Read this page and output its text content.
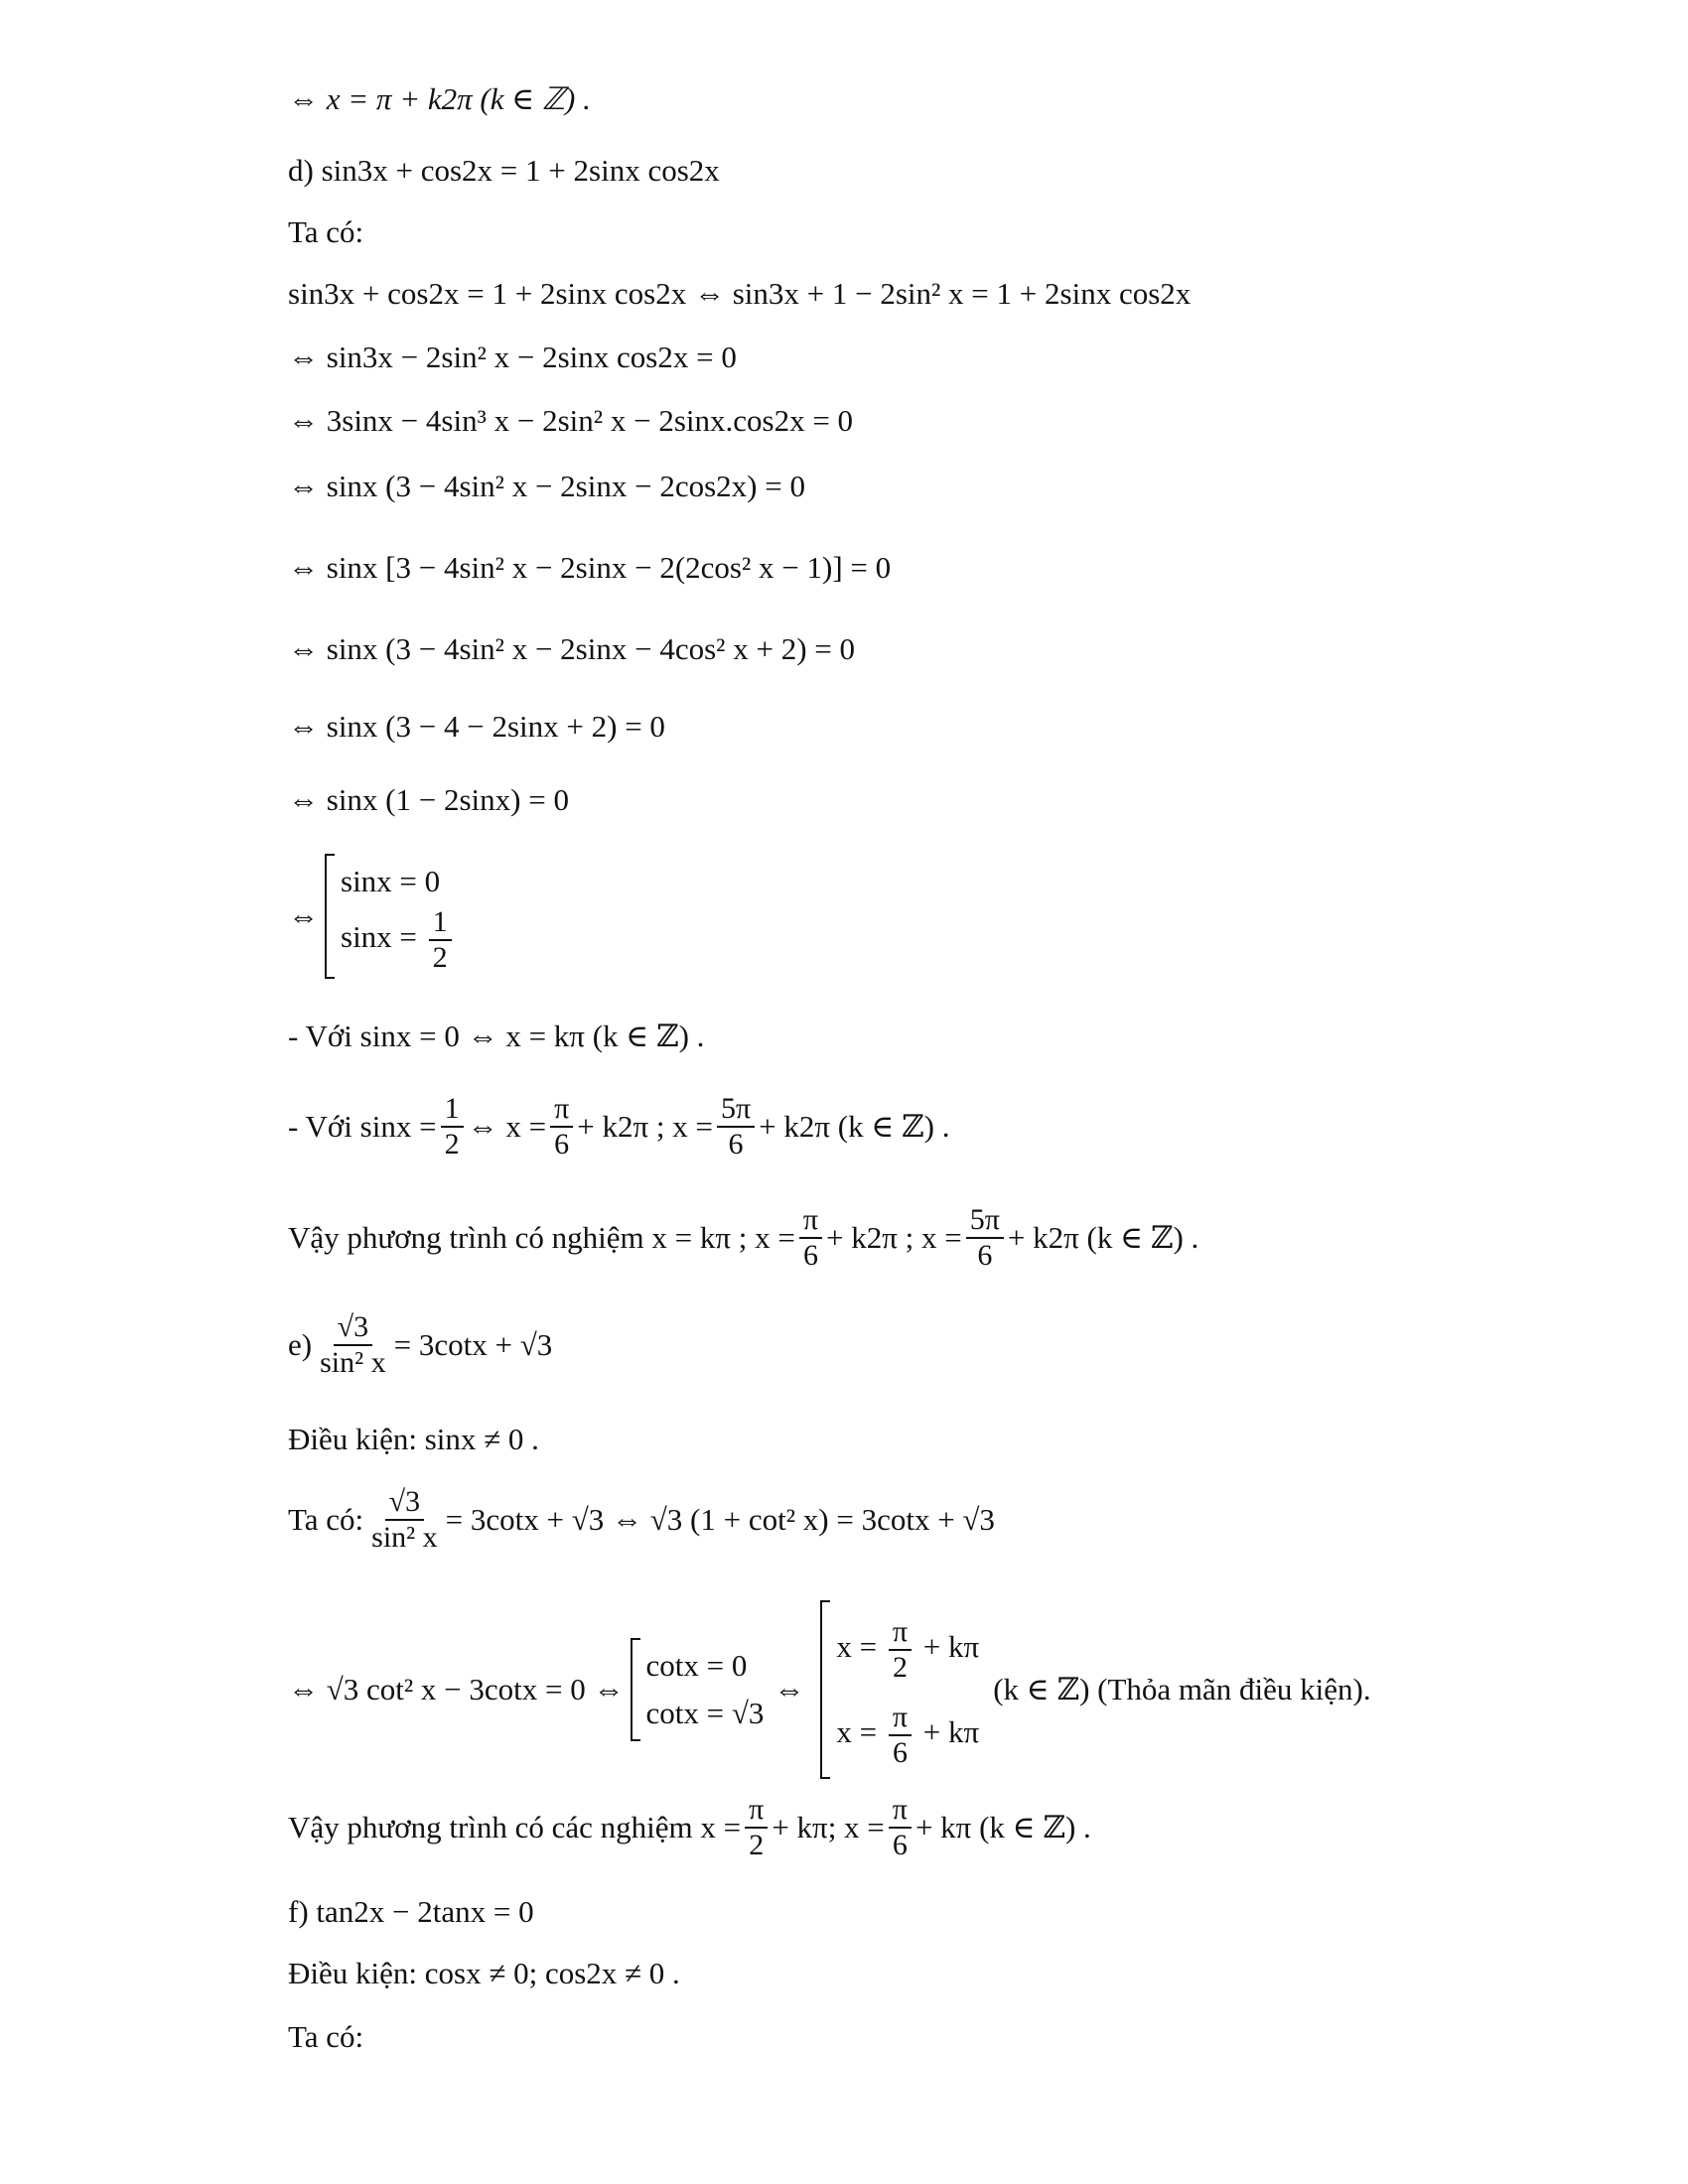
⇔ x = π + k2π (k ∈ ℤ) .
d) sin3x + cos2x = 1 + 2sinx cos2x
Ta có:
sin3x + cos2x = 1 + 2sinx cos2x ⇔ sin3x + 1 − 2sin² x = 1 + 2sinx cos2x
⇔ sin3x − 2sin² x − 2sinx cos2x = 0
⇔ 3sinx − 4sin³ x − 2sin² x − 2sinx.cos2x = 0
⇔ sinx (3 − 4sin² x − 2sinx − 2cos2x) = 0
⇔ sinx [3 − 4sin² x − 2sinx − 2(2cos² x − 1)] = 0
⇔ sinx (3 − 4sin² x − 2sinx − 4cos² x + 2) = 0
⇔ sinx (3 − 4 − 2sinx + 2) = 0
⇔ sinx (1 − 2sinx) = 0
⇔
sinx = 0
$\sin x = \frac{1}{2}$
- Với sinx = 0 ⇔ x = kπ (k ∈ ℤ) .
- Với $\sin x = \frac{1}{2}$ ⇔ $x = \frac{\pi}{6} + k2\pi$ ; $x = \frac{5\pi}{6} + k2\pi$ (k ∈ ℤ) .
Vậy phương trình có nghiệm x = kπ ; $x = \frac{\pi}{6} + k2\pi$ ; $x = \frac{5\pi}{6} + k2\pi$ (k ∈ ℤ) .
$e) \frac{√3}{\text{sin² x}} = 3\cot x + √3$
Điều kiện: sinx ≠ 0 .
Ta có: $\frac{√3}{\text{sin² x}} = 3\cot x + √3$ ⇔ √3 (1 + cot² x) = 3cotx + √3
⇔ √3 cot² x − 3cotx = 0 ⇔
cotx = 0
cotx = √3
⇔
$x = \frac{\pi}{2} + k\pi$
$x = \frac{\pi}{6} + k\pi$
(k ∈ ℤ) (Thỏa mãn điều kiện).
Vậy phương trình có các nghiệm $x = \frac{\pi}{2} + k\pi$; $x = \frac{\pi}{6} + k\pi$ (k ∈ ℤ) .
f) tan2x − 2tanx = 0
Điều kiện: cosx ≠ 0; cos2x ≠ 0 .
Ta có:
